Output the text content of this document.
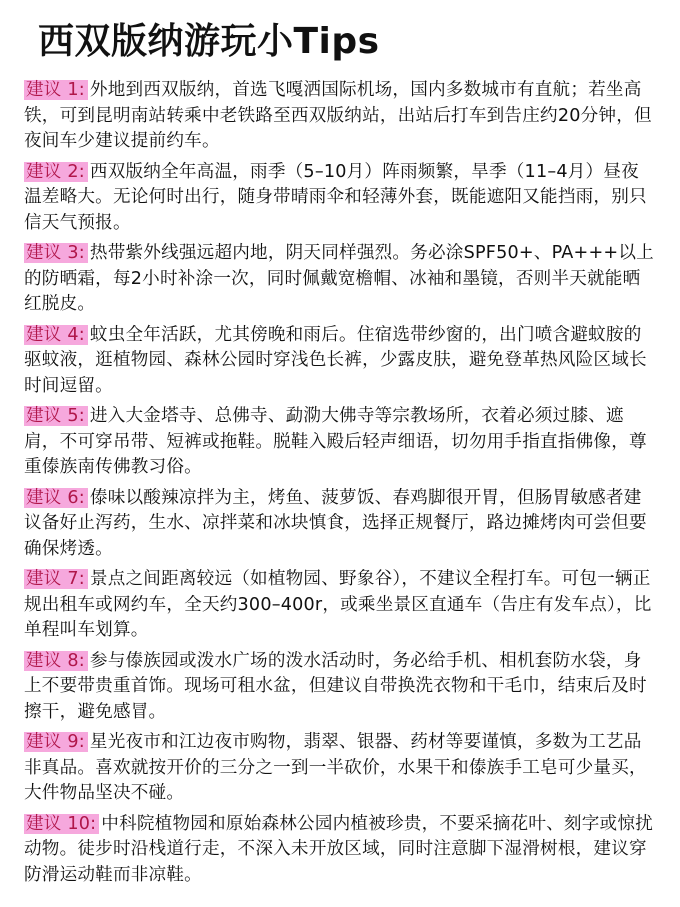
西双版纳游玩小Tips
建议 1: 外地到西双版纳，首选飞嘎洒国际机场，国内多数城市有直航；若坐高铁，可到昆明南站转乘中老铁路至西双版纳站，出站后打车到告庄约20分钟，但夜间车少建议提前约车。
建议 2: 西双版纳全年高温，雨季（5–10月）阵雨频繁，旱季（11–4月）昼夜温差略大。无论何时出行，随身带晴雨伞和轻薄外套，既能遮阳又能挡雨，别只信天气预报。
建议 3: 热带紫外线强远超内地，阴天同样强烈。务必涂SPF50+、PA+++以上的防晒霜，每2小时补涂一次，同时佩戴宽檐帽、冰袖和墨镜，否则半天就能晒红脱皮。
建议 4: 蚊虫全年活跃，尤其傍晚和雨后。住宿选带纱窗的，出门喷含避蚊胺的驱蚊液，逛植物园、森林公园时穿浅色长裤，少露皮肤，避免登革热风险区域长时间逗留。
建议 5: 进入大金塔寺、总佛寺、勐泐大佛寺等宗教场所，衣着必须过膝、遮肩，不可穿吊带、短裤或拖鞋。脱鞋入殿后轻声细语，切勿用手指直指佛像，尊重傣族南传佛教习俗。
建议 6: 傣味以酸辣凉拌为主，烤鱼、菠萝饭、春鸡脚很开胃，但肠胃敏感者建议备好止泻药，生水、凉拌菜和冰块慎食，选择正规餐厅，路边摊烤肉可尝但要确保烤透。
建议 7: 景点之间距离较远（如植物园、野象谷），不建议全程打车。可包一辆正规出租车或网约车，全天约300–400r，或乘坐景区直通车（告庄有发车点），比单程叫车划算。
建议 8: 参与傣族园或泼水广场的泼水活动时，务必给手机、相机套防水袋，身上不要带贵重首饰。现场可租水盆，但建议自带换洗衣物和干毛巾，结束后及时擦干，避免感冒。
建议 9: 星光夜市和江边夜市购物，翡翠、银器、药材等要谨慎，多数为工艺品非真品。喜欢就按开价的三分之一到一半砍价，水果干和傣族手工皂可少量买，大件物品坚决不碰。
建议 10: 中科院植物园和原始森林公园内植被珍贵，不要采摘花叶、刻字或惊扰动物。徒步时沿栈道行走，不深入未开放区域，同时注意脚下湿滑树根，建议穿防滑运动鞋而非凉鞋。
